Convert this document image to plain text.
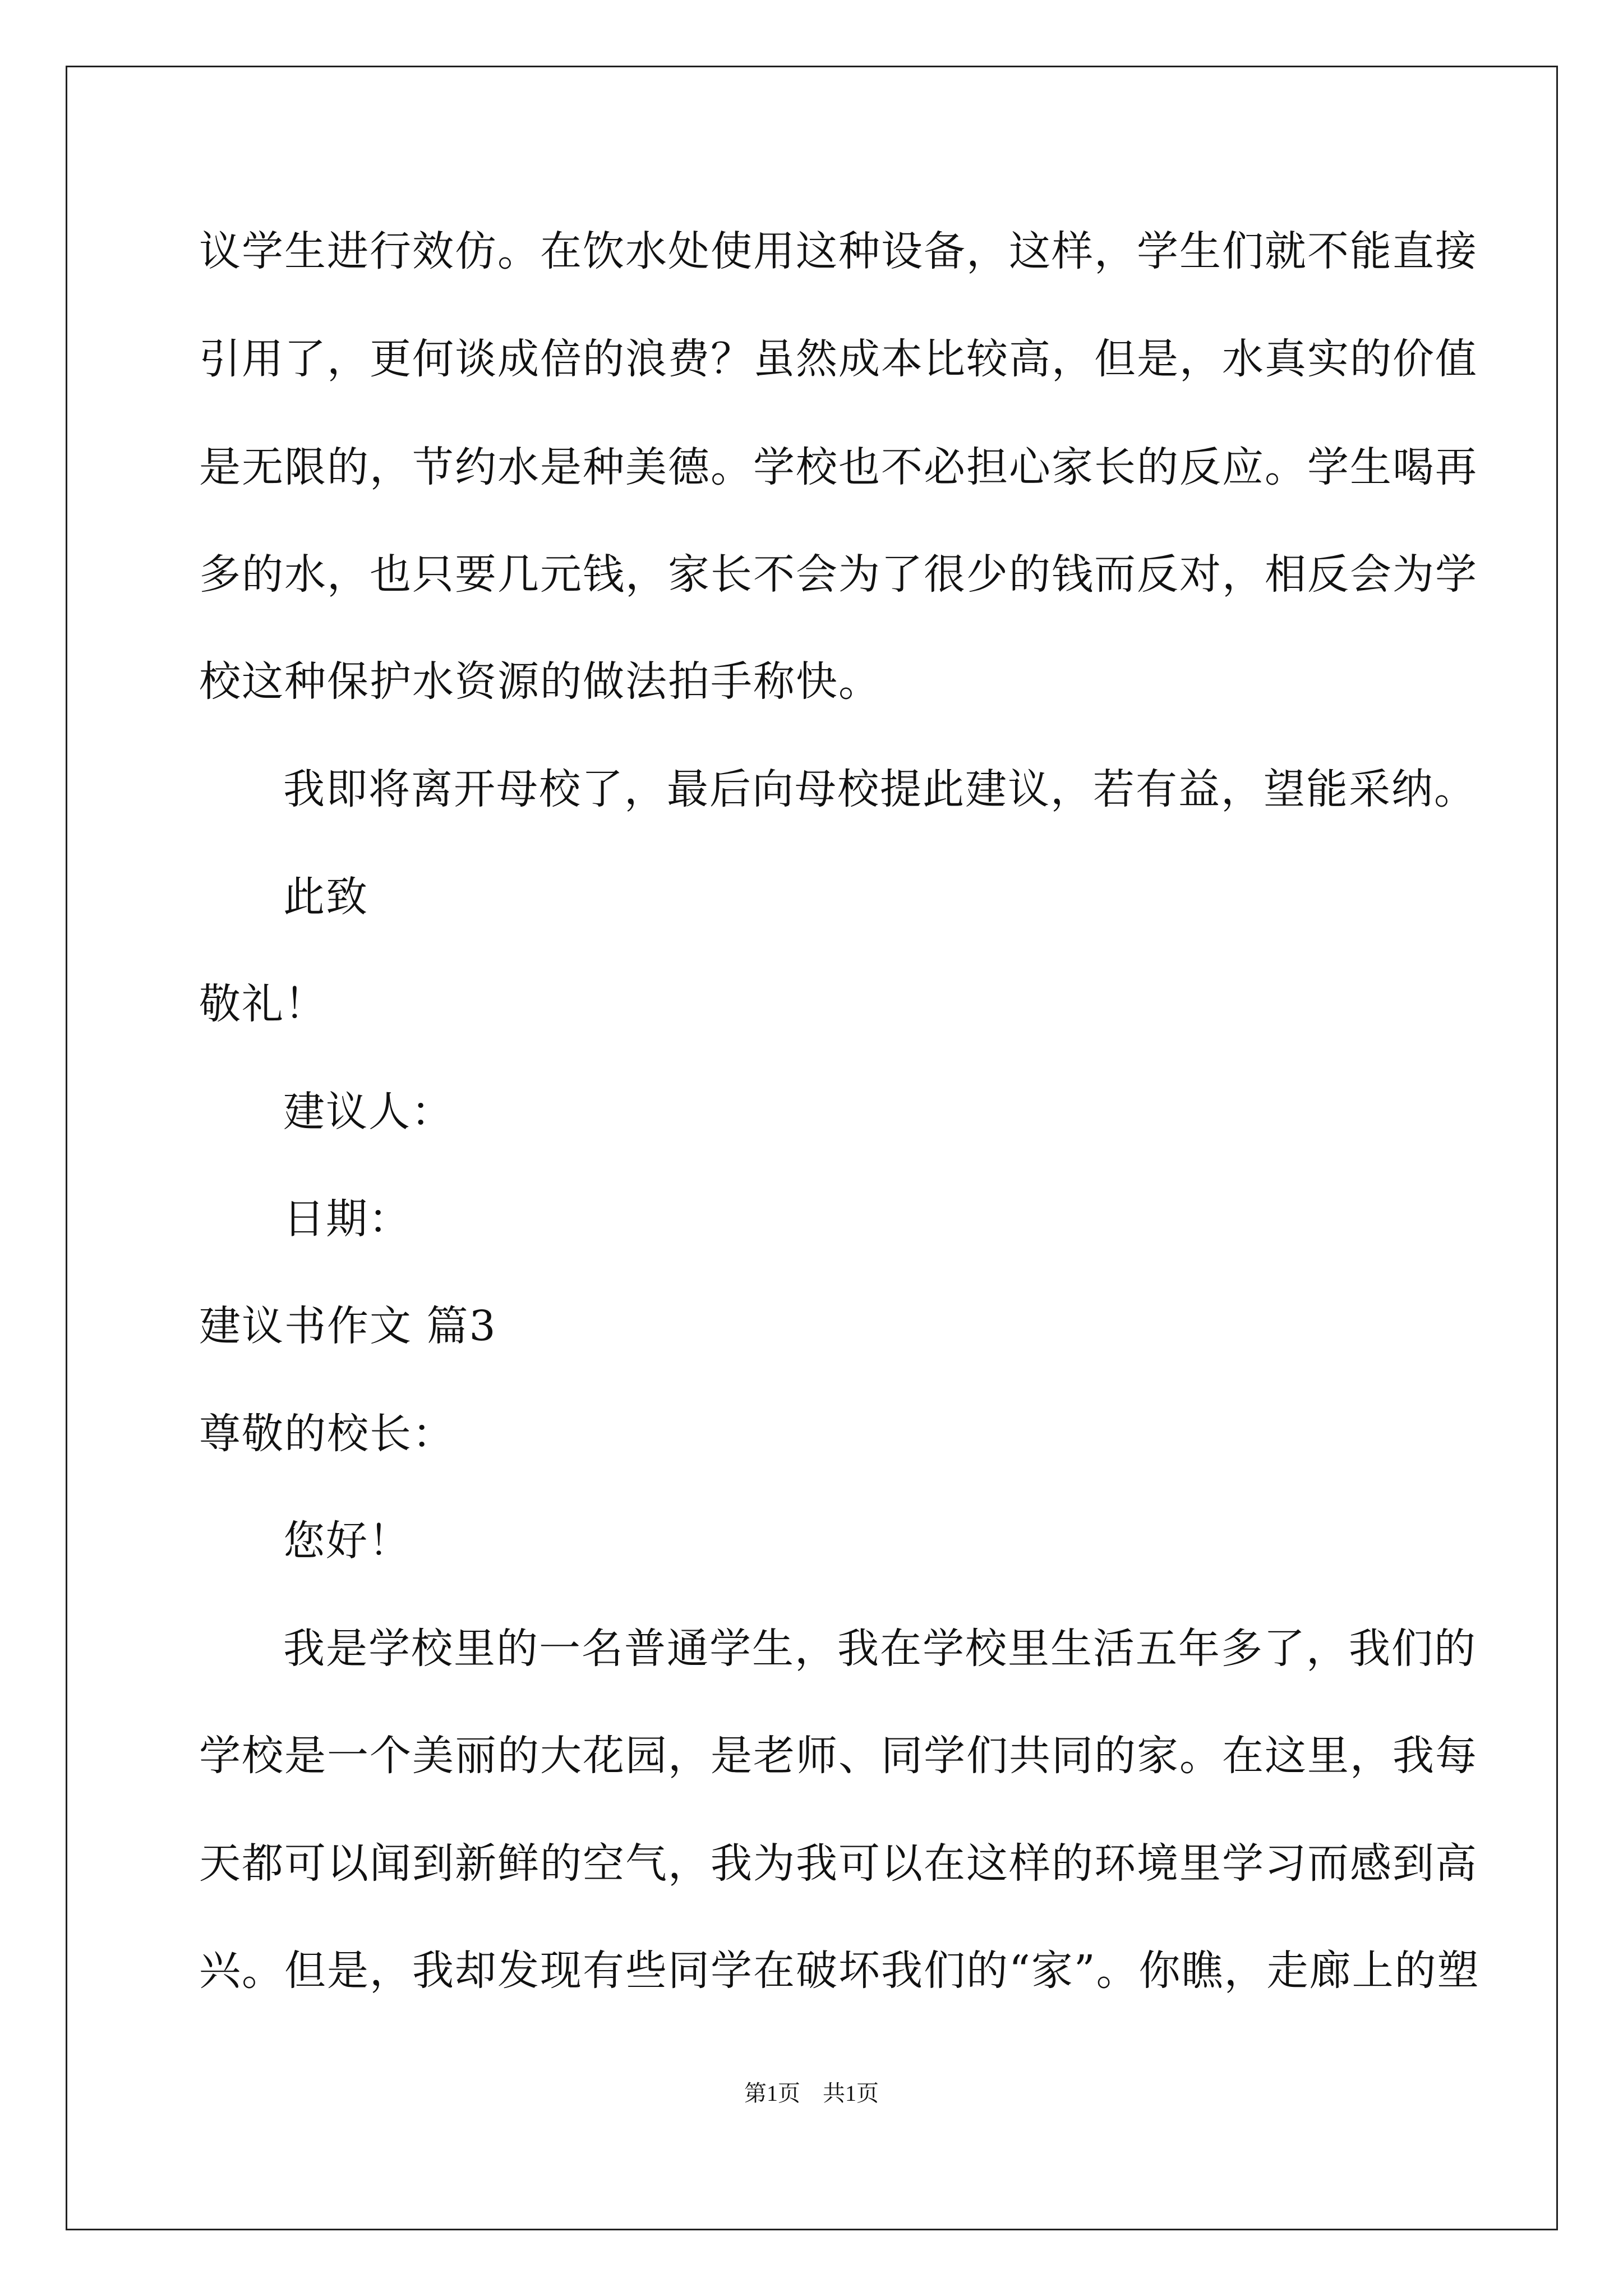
议学生进行效仿。在饮水处使用这种设备，这样，学生们就不能直接
引用了，更何谈成倍的浪费？虽然成本比较高，但是，水真实的价值
是无限的，节约水是种美德。学校也不必担心家长的反应。学生喝再
多的水，也只要几元钱，家长不会为了很少的钱而反对，相反会为学
校这种保护水资源的做法拍手称快。
我即将离开母校了，最后向母校提此建议，若有益，望能采纳。
此致
敬礼！
建议人：
日期：
建议书作文 篇3
尊敬的校长：
您好！
我是学校里的一名普通学生，我在学校里生活五年多了，我们的
学校是一个美丽的大花园，是老师、同学们共同的家。在这里，我每
天都可以闻到新鲜的空气，我为我可以在这样的环境里学习而感到高
兴。但是，我却发现有些同学在破坏我们的“家”。你瞧，走廊上的塑
第1页 共1页
